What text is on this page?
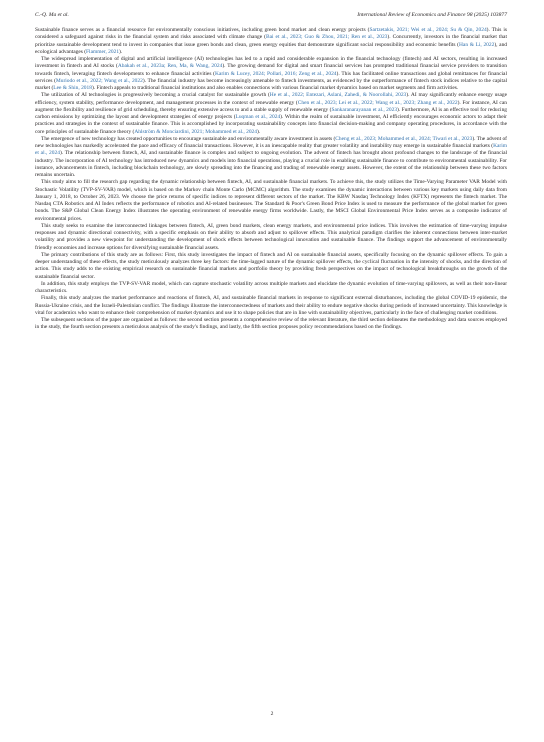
C.-Q. Ma et al.	International Review of Economics and Finance 98 (2025) 103877

Sustainable finance serves as a financial resource for environmentally conscious initiatives, including green bond market and clean energy projects (Sartzetakis, 2021; Wei et al., 2024; Su & Qin, 2024). This is considered a safeguard against risks in the financial system and risks associated with climate change (Bai et al., 2023; Guo & Zhou, 2021; Ren et al., 2023). Concurrently, investors in the financial market that prioritize sustainable development tend to invest in companies that issue green bonds and clean, green energy equities that demonstrate significant social responsibility and economic benefits (Han & Li, 2022), and ecological advantages (Flammer, 2021).

The widespread implementation of digital and artificial intelligence (AI) technologies has led to a rapid and considerable expansion in the financial technology (fintech) and AI sectors, resulting in increased investment in fintech and AI stocks (Abakah et al., 2023a; Ren, Ma, & Wang, 2024). The growing demand for digital and smart financial services has prompted traditional financial service providers to transition towards fintech, leveraging fintech developments to enhance financial activities (Karim & Lucey, 2024; Pollari, 2016; Zeng et al., 2024). This has facilitated online transactions and global remittances for financial services (Muriodo et al., 2022; Wang et al., 2022). The financial industry has become increasingly amenable to fintech investments, as evidenced by the outperformance of fintech stock indices relative to the capital market (Lee & Shin, 2018). Fintech appeals to traditional financial institutions and also enables connections with various financial market dynamics based on market segments and firm activities.

The utilization of AI technologies is progressively becoming a crucial catalyst for sustainable growth (He et al., 2022; Entezari, Aslani, Zahedi, & Noorollahi, 2023). AI may significantly enhance energy usage efficiency, system stability, performance development, and management processes in the context of renewable energy (Chen et al., 2023; Lei et al., 2022; Wang et al., 2023; Zhang et al., 2022). For instance, AI can augment the flexibility and resilience of grid scheduling, thereby ensuring extensive access to and a stable supply of renewable energy (Sankaranarayanan et al., 2023). Furthermore, AI is an effective tool for reducing carbon emissions by optimizing the layout and development strategies of energy projects (Luqman et al., 2024). Within the realm of sustainable investment, AI efficiently encourages economic actors to adapt their practices and strategies in the context of sustainable finance. This is accomplished by incorporating sustainability concepts into financial decision-making and company operating procedures, in accordance with the core principles of sustainable finance theory (Ahlström & Monciardini, 2021; Mohammed et al., 2024).

The emergence of new technology has created opportunities to encourage sustainable and environmentally aware investment in assets (Cheng et al., 2023; Mohammed et al., 2024; Tiwari et al., 2023). The advent of new technologies has markedly accelerated the pace and efficacy of financial transactions. However, it is an inescapable reality that greater volatility and instability may emerge in sustainable financial markets (Karim et al., 2024). The relationship between fintech, AI, and sustainable finance is complex and subject to ongoing evolution. The advent of fintech has brought about profound changes to the landscape of the financial industry. The incorporation of AI technology has introduced new dynamics and models into financial operations, playing a crucial role in enabling sustainable finance to contribute to environmental sustainability. For instance, advancements in fintech, including blockchain technology, are slowly spreading into the financing and trading of renewable energy assets. However, the extent of the relationship between these two factors remains uncertain.

This study aims to fill the research gap regarding the dynamic relationship between fintech, AI, and sustainable financial markets. To achieve this, the study utilizes the Time-Varying Parameter VAR Model with Stochastic Volatility (TVP-SV-VAR) model, which is based on the Markov chain Monte Carlo (MCMC) algorithm. The study examines the dynamic interactions between various key markets using daily data from January 1, 2018, to October 26, 2023. We choose the price returns of specific indices to represent different sectors of the market. The KBW Nasdaq Technology Index (KFTX) represents the fintech market. The Nasdaq CTA Robotics and AI Index reflects the performance of robotics and AI-related businesses. The Standard & Poor's Green Bond Price Index is used to measure the performance of the global market for green bonds. The S&P Global Clean Energy Index illustrates the operating environment of renewable energy firms worldwide. Lastly, the MSCI Global Environmental Price Index serves as a composite indicator of environmental prices.

This study seeks to examine the interconnected linkages between fintech, AI, green bond markets, clean energy markets, and environmental price indices. This involves the estimation of time-varying impulse responses and dynamic directional connectivity, with a specific emphasis on their ability to absorb and adjust to spillover effects. This analytical paradigm clarifies the inherent connections between inter-market volatility and provides a new viewpoint for understanding the development of shock effects between technological innovation and sustainable finance. The findings support the advancement of environmentally friendly economies and increase options for diversifying sustainable financial assets.

The primary contributions of this study are as follows: First, this study investigates the impact of fintech and AI on sustainable financial assets, specifically focusing on the dynamic spillover effects. To gain a deeper understanding of these effects, the study meticulously analyzes three key factors: the time-lagged nature of the dynamic spillover effects, the cyclical fluctuation in the intensity of shocks, and the direction of action. This study adds to the existing empirical research on sustainable financial markets and portfolio theory by providing fresh perspectives on the impact of technological breakthroughs on the growth of the sustainable financial sector.

In addition, this study employs the TVP-SV-VAR model, which can capture stochastic volatility across multiple markets and elucidate the dynamic evolution of time-varying spillovers, as well as their non-linear characteristics.

Finally, this study analyzes the market performance and reactions of fintech, AI, and sustainable financial markets in response to significant external disturbances, including the global COVID-19 epidemic, the Russia-Ukraine crisis, and the Israeli-Palestinian conflict. The findings illustrate the interconnectedness of markets and their ability to endure negative shocks during periods of increased uncertainty. This knowledge is vital for academics who want to enhance their comprehension of market dynamics and use it to shape policies that are in line with sustainability objectives, particularly in the face of challenging market conditions.

The subsequent sections of the paper are organized as follows: the second section presents a comprehensive review of the relevant literature, the third section delineates the methodology and data sources employed in the study, the fourth section presents a meticulous analysis of the study's findings, and lastly, the fifth section proposes policy recommendations based on the findings.

2
